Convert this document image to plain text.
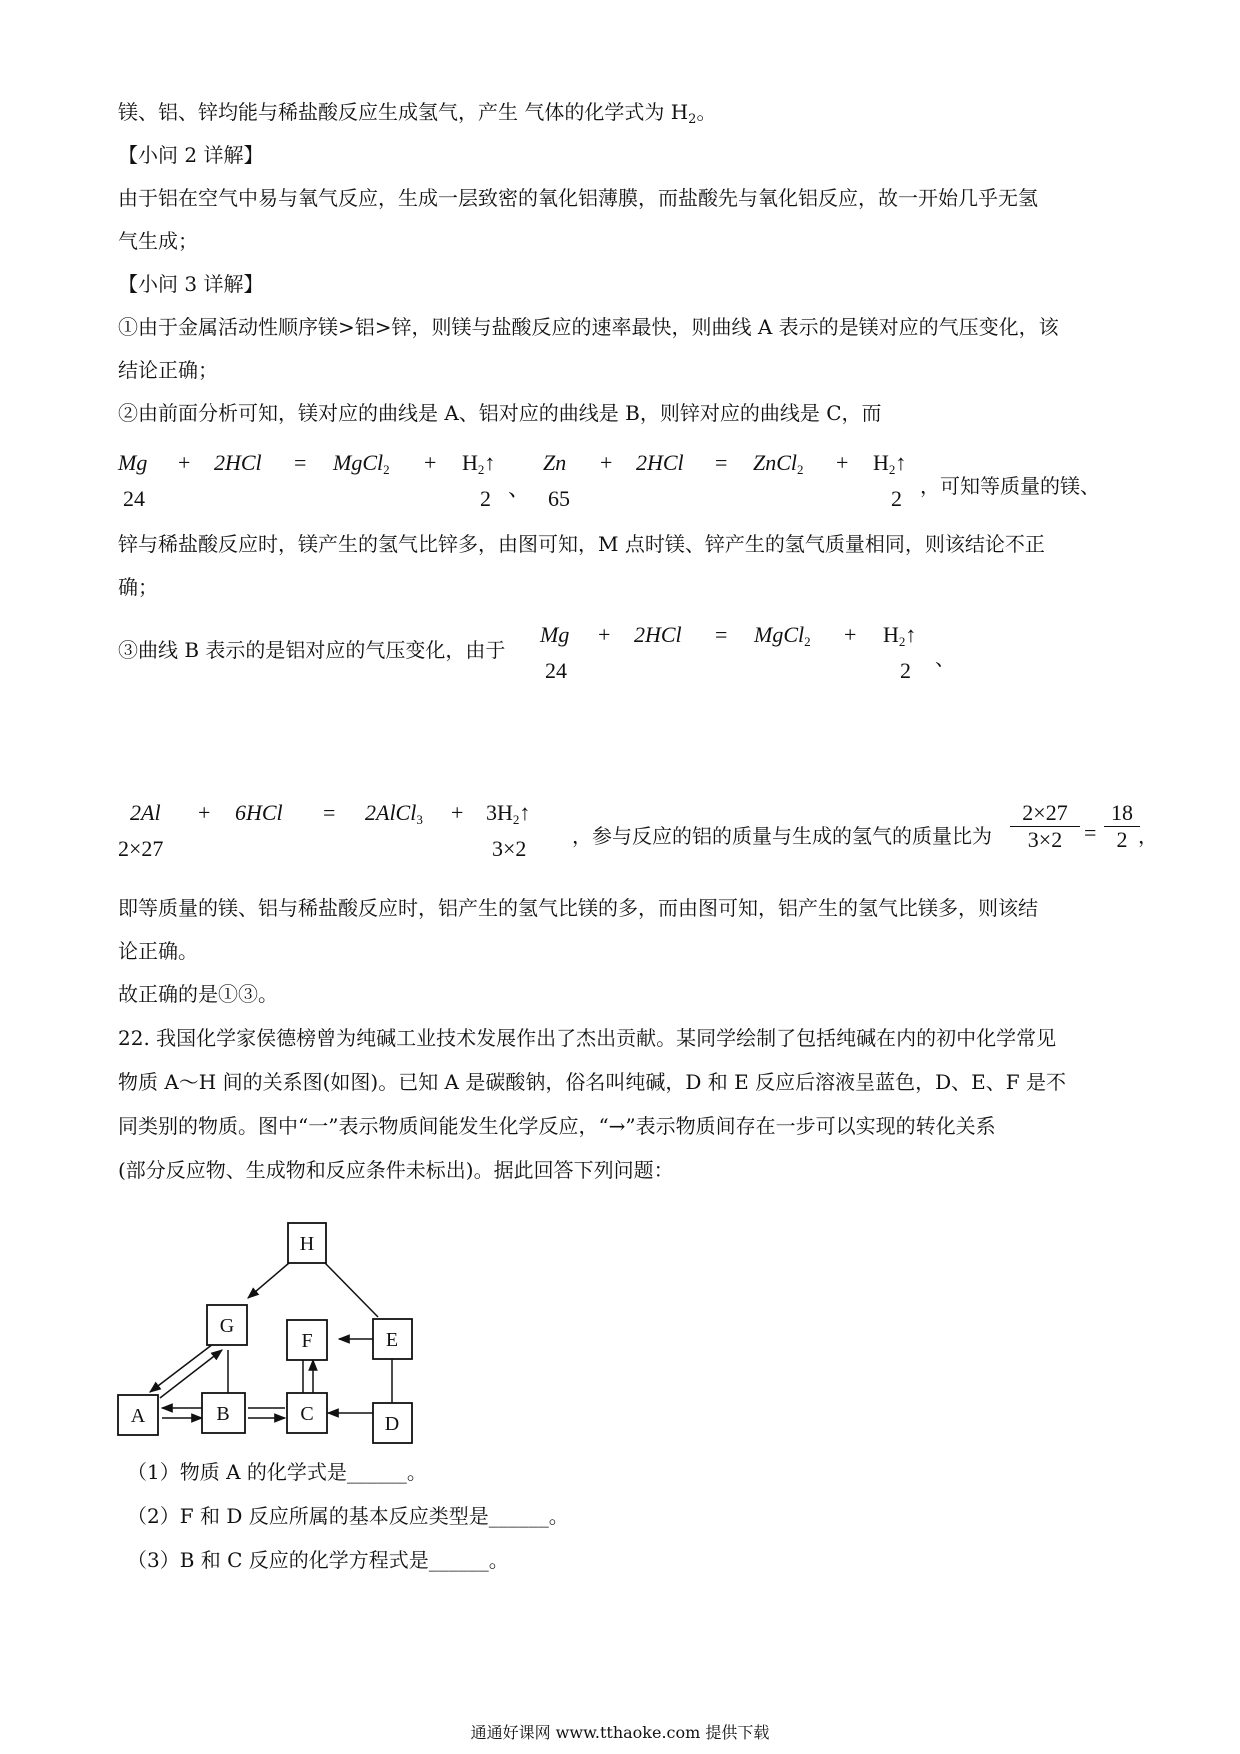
镁、铝、锌均能与稀盐酸反应生成氢气，产生 气体的化学式为 $H_2$。
【小问 2 详解】
由于铝在空气中易与氧气反应，生成一层致密的氧化铝薄膜，而盐酸先与氧化铝反应，故一开始几乎无氢
气生成；
【小问 3 详解】
①由于金属活动性顺序镁>铝>锌，则镁与盐酸反应的速率最快，则曲线 A 表示的是镁对应的气压变化，该
结论正确；
②由前面分析可知，镁对应的曲线是 A、铝对应的曲线是 B，则锌对应的曲线是 C，而
Mg + 2HCl = MgCl$_2$ + $H_2↑$
24	2 、
Zn + 2HCl = ZnCl$_2$ + $H_2↑$
65	2 ，可知等质量的镁、
锌与稀盐酸反应时，镁产生的氢气比锌多，由图可知，M 点时镁、锌产生的氢气质量相同，则该结论不正
确；
③曲线 B 表示的是铝对应的气压变化，由于
Mg + 2HCl = MgCl$_2$ + $H_2↑$
24	2 、
2Al + 6HCl = 2AlCl$_3$ + $3H_2↑$
2×27	3×2 ，参与反应的铝的质量与生成的氢气的质量比为 $\frac{2\times 27}{3\times 2} = \frac{18}{2}$
，
即等质量的镁、铝与稀盐酸反应时，铝产生的氢气比镁的多，而由图可知，铝产生的氢气比镁多，则该结
论正确。
故正确的是①③。
22. 我国化学家侯德榜曾为纯碱工业技术发展作出了杰出贡献。某同学绘制了包括纯碱在内的初中化学常见
物质 A～H 间的关系图(如图)。已知 A 是碳酸钠，俗名叫纯碱，D 和 E 反应后溶液呈蓝色，D、E、F 是不
同类别的物质。图中“一”表示物质间能发生化学反应，“→”表示物质间存在一步可以实现的转化关系
(部分反应物、生成物和反应条件未标出)。据此回答下列问题：
H
G
F	E
A	B	C	D
（1）物质 A 的化学式是______。
（2）F 和 D 反应所属的基本反应类型是______。
（3）B 和 C 反应的化学方程式是______。
通通好课网 www.tthaoke.com 提供下载
